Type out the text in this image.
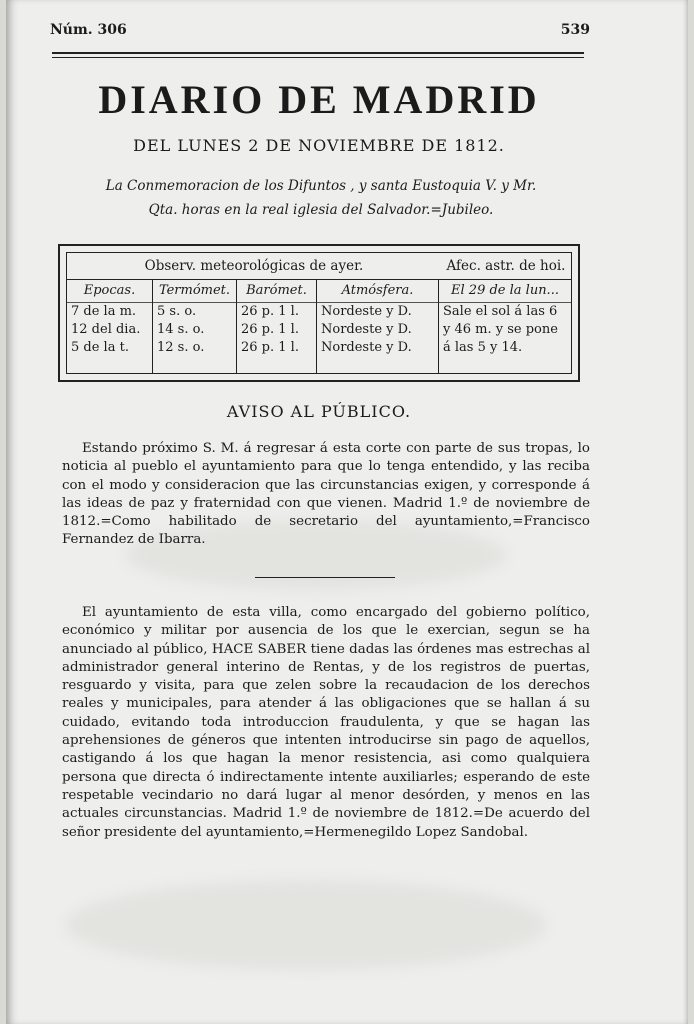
Núm. 306	539
DIARIO DE MADRID
DEL LUNES 2 DE NOVIEMBRE DE 1812.
La Conmemoracion de los Difuntos , y santa Eustoquia V. y Mr.
Qta. horas en la real iglesia del Salvador.=Jubileo.
Observ. meteorológicas de ayer.	Afec. astr. de hoi.
Epocas.
7 de la m.
12 del dia.
5 de la t.
Termómet.
5 s. o.
14 s. o.
12 s. o.
Barómet.
26 p. 1 l.
26 p. 1 l.
26 p. 1 l.
Atmósfera.
Nordeste y D.
Nordeste y D.
Nordeste y D.
El 29 de la lun...
Sale el sol á las 6
y 46 m. y se pone
á las 5 y 14.
AVISO AL PÚBLICO.

Estando próximo S. M. á regresar á esta corte con parte de sus tropas, lo noticia al pueblo el ayuntamiento para que lo tenga entendido, y las reciba con el modo y consideracion que las circunstancias exigen, y corresponde á las ideas de paz y fraternidad con que vienen. Madrid 1.º de noviembre de 1812.=Como habilitado de secretario del ayuntamiento,=Francisco Fernandez de Ibarra.

El ayuntamiento de esta villa, como encargado del gobierno político, económico y militar por ausencia de los que le exercian, segun se ha anunciado al público, HACE SABER tiene dadas las órdenes mas estrechas al administrador general interino de Rentas, y de los registros de puertas, resguardo y visita, para que zelen sobre la recaudacion de los derechos reales y municipales, para atender á las obligaciones que se hallan á su cuidado, evitando toda introduccion fraudulenta, y que se hagan las aprehensiones de géneros que intenten introducirse sin pago de aquellos, castigando á los que hagan la menor resistencia, asi como qualquiera persona que directa ó indirectamente intente auxiliarles; esperando de este respetable vecindario no dará lugar al menor desórden, y menos en las actuales circunstancias. Madrid 1.º de noviembre de 1812.=De acuerdo del señor presidente del ayuntamiento,=Hermenegildo Lopez Sandobal.
